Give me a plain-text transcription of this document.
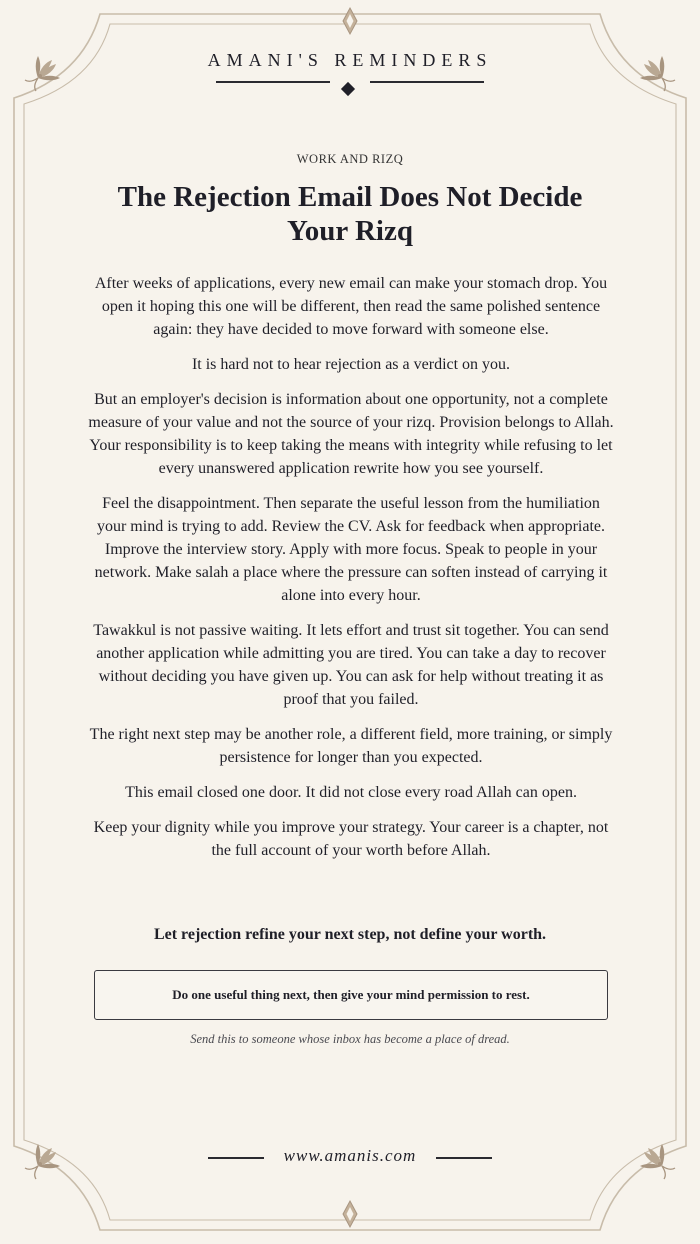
AMANI'S REMINDERS
WORK AND RIZQ
The Rejection Email Does Not Decide Your Rizq

After weeks of applications, every new email can make your stomach drop. You open it hoping this one will be different, then read the same polished sentence again: they have decided to move forward with someone else.

It is hard not to hear rejection as a verdict on you.

But an employer's decision is information about one opportunity, not a complete measure of your value and not the source of your rizq. Provision belongs to Allah. Your responsibility is to keep taking the means with integrity while refusing to let every unanswered application rewrite how you see yourself.

Feel the disappointment. Then separate the useful lesson from the humiliation your mind is trying to add. Review the CV. Ask for feedback when appropriate. Improve the interview story. Apply with more focus. Speak to people in your network. Make salah a place where the pressure can soften instead of carrying it alone into every hour.

Tawakkul is not passive waiting. It lets effort and trust sit together. You can send another application while admitting you are tired. You can take a day to recover without deciding you have given up. You can ask for help without treating it as proof that you failed.

The right next step may be another role, a different field, more training, or simply persistence for longer than you expected.

This email closed one door. It did not close every road Allah can open.

Keep your dignity while you improve your strategy. Your career is a chapter, not the full account of your worth before Allah.

Let rejection refine your next step, not define your worth.
Do one useful thing next, then give your mind permission to rest.
Send this to someone whose inbox has become a place of dread.
www.amanis.com
